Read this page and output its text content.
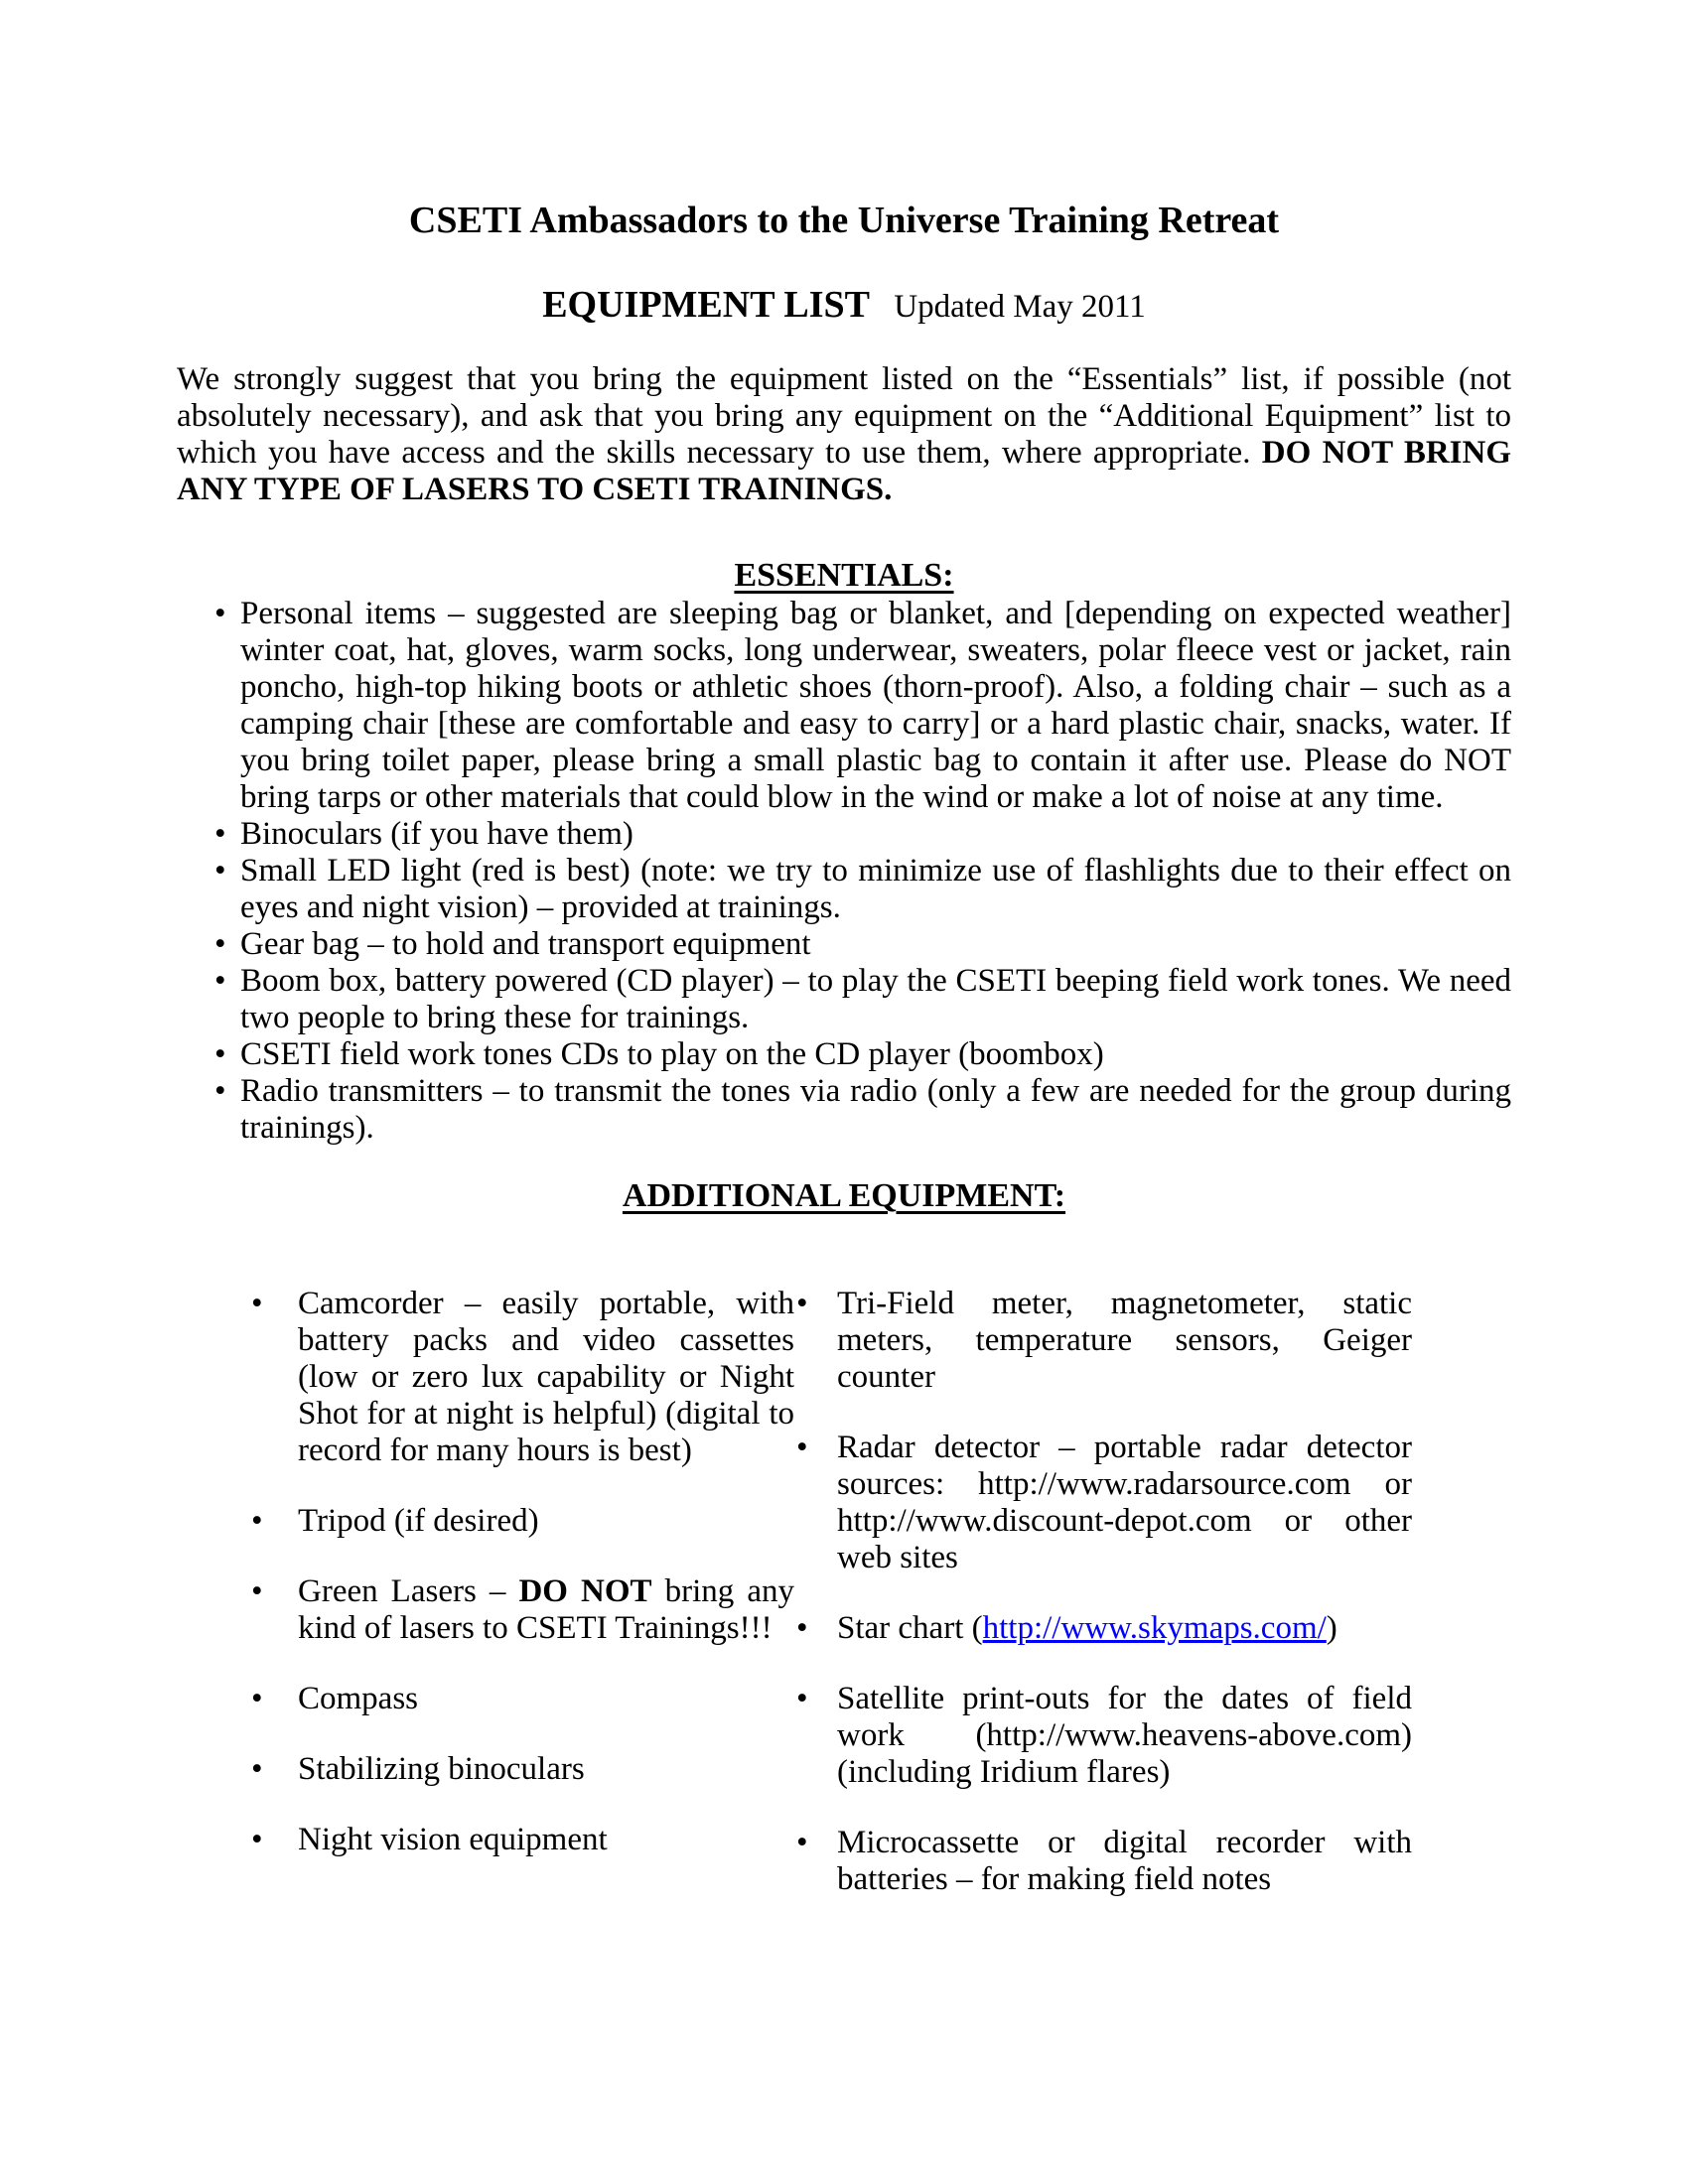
CSETI Ambassadors to the Universe Training Retreat

EQUIPMENT LIST Updated May 2011

We strongly suggest that you bring the equipment listed on the “Essentials” list, if possible (not absolutely necessary), and ask that you bring any equipment on the “Additional Equipment” list to which you have access and the skills necessary to use them, where appropriate. DO NOT BRING ANY TYPE OF LASERS TO CSETI TRAININGS.

ESSENTIALS:
• Personal items – suggested are sleeping bag or blanket, and [depending on expected weather] winter coat, hat, gloves, warm socks, long underwear, sweaters, polar fleece vest or jacket, rain poncho, high-top hiking boots or athletic shoes (thorn-proof). Also, a folding chair – such as a camping chair [these are comfortable and easy to carry] or a hard plastic chair, snacks, water. If you bring toilet paper, please bring a small plastic bag to contain it after use. Please do NOT bring tarps or other materials that could blow in the wind or make a lot of noise at any time.
• Binoculars (if you have them)
• Small LED light (red is best) (note: we try to minimize use of flashlights due to their effect on eyes and night vision) – provided at trainings.
• Gear bag – to hold and transport equipment
• Boom box, battery powered (CD player) – to play the CSETI beeping field work tones. We need two people to bring these for trainings.
• CSETI field work tones CDs to play on the CD player (boombox)
• Radio transmitters – to transmit the tones via radio (only a few are needed for the group during trainings).
ADDITIONAL EQUIPMENT:
• Camcorder – easily portable, with battery packs and video cassettes (low or zero lux capability or Night Shot for at night is helpful) (digital to record for many hours is best)
• Tripod (if desired)
• Green Lasers – DO NOT bring any kind of lasers to CSETI Trainings!!!
• Compass
• Stabilizing binoculars
• Night vision equipment
• Tri-Field meter, magnetometer, static meters, temperature sensors, Geiger counter
• Radar detector – portable radar detector sources: http://www.radarsource.com or http://www.discount-depot.com or other web sites
• Star chart (http://www.skymaps.com/)
• Satellite print-outs for the dates of field work (http://www.heavens-above.com) (including Iridium flares)
• Microcassette or digital recorder with batteries – for making field notes
